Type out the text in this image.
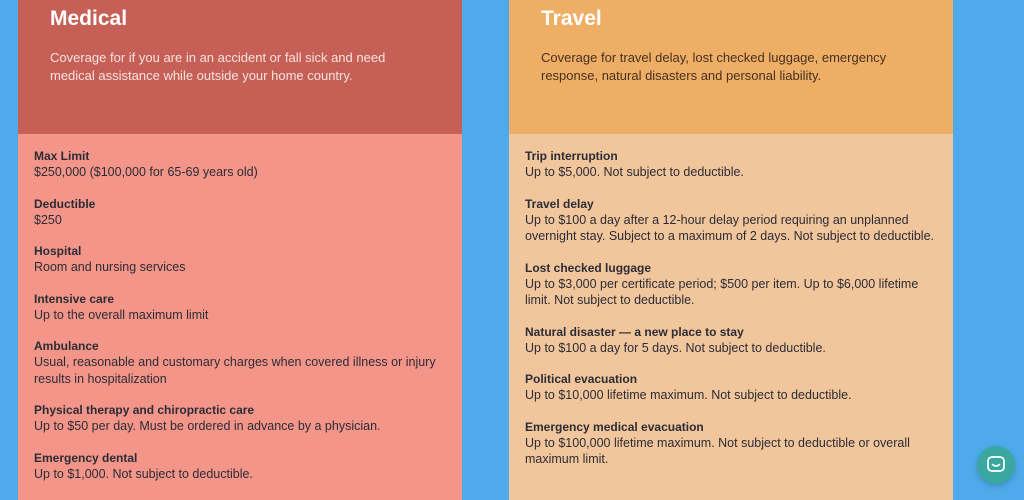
Medical
Coverage for if you are in an accident or fall sick and need medical assistance while outside your home country.
Max Limit
$250,000 ($100,000 for 65-69 years old)
Deductible
$250
Hospital
Room and nursing services
Intensive care
Up to the overall maximum limit
Ambulance
Usual, reasonable and customary charges when covered illness or injury results in hospitalization
Physical therapy and chiropractic care
Up to $50 per day. Must be ordered in advance by a physician.
Emergency dental
Up to $1,000. Not subject to deductible.
Travel
Coverage for travel delay, lost checked luggage, emergency response, natural disasters and personal liability.
Trip interruption
Up to $5,000. Not subject to deductible.
Travel delay
Up to $100 a day after a 12-hour delay period requiring an unplanned overnight stay. Subject to a maximum of 2 days. Not subject to deductible.
Lost checked luggage
Up to $3,000 per certificate period; $500 per item. Up to $6,000 lifetime limit. Not subject to deductible.
Natural disaster — a new place to stay
Up to $100 a day for 5 days. Not subject to deductible.
Political evacuation
Up to $10,000 lifetime maximum. Not subject to deductible.
Emergency medical evacuation
Up to $100,000 lifetime maximum. Not subject to deductible or overall maximum limit.
